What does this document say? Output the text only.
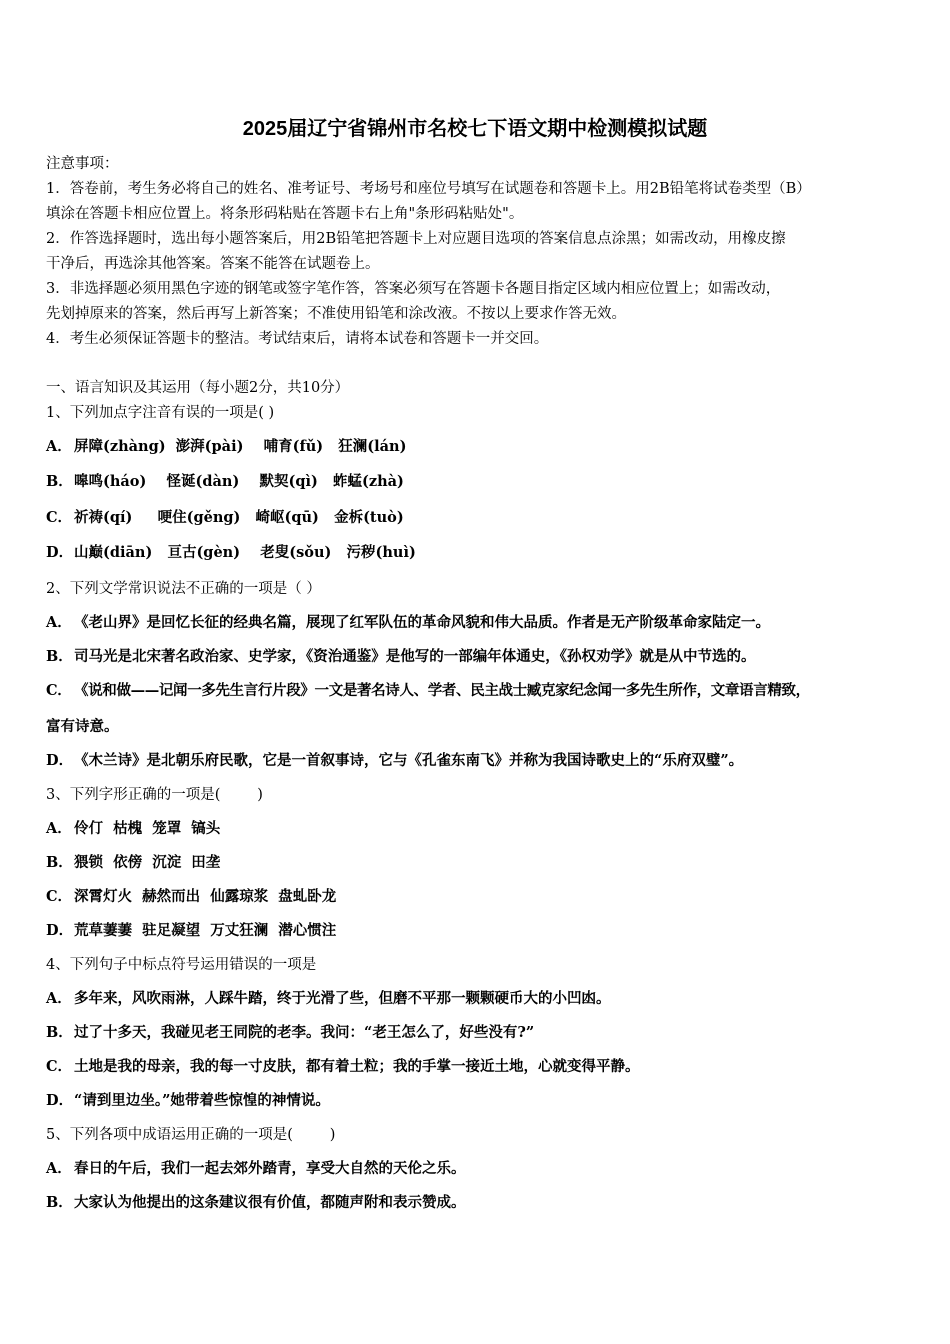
2025届辽宁省锦州市名校七下语文期中检测模拟试题
注意事项：
1．答卷前，考生务必将自己的姓名、准考证号、考场号和座位号填写在试题卷和答题卡上。用2B铅笔将试卷类型（B）
填涂在答题卡相应位置上。将条形码粘贴在答题卡右上角"条形码粘贴处"。
2．作答选择题时，选出每小题答案后，用2B铅笔把答题卡上对应题目选项的答案信息点涂黑；如需改动，用橡皮擦
干净后，再选涂其他答案。答案不能答在试题卷上。
3．非选择题必须用黑色字迹的钢笔或签字笔作答，答案必须写在答题卡各题目指定区域内相应位置上；如需改动，
先划掉原来的答案，然后再写上新答案；不准使用铅笔和涂改液。不按以上要求作答无效。
4．考生必须保证答题卡的整洁。考试结束后，请将本试卷和答题卡一并交回。
一、语言知识及其运用（每小题2分，共10分）
1、下列加点字注音有误的一项是( )
A． 屏障(zhàng)  澎湃(pài)    哺育(fǔ)   狂澜(lán)
B．嗥鸣(háo)    怪诞(dàn)    默契(qì)   蚱蜢(zhà)
C． 祈祷(qí)     哽住(gěng)   崎岖(qū)   金柝(tuò)
D．山巅(diān)   亘古(gèn)    老叟(sǒu)   污秽(huì)
2、下列文学常识说法不正确的一项是（ ）
A． 《老山界》是回忆长征的经典名篇，展现了红军队伍的革命风貌和伟大品质。作者是无产阶级革命家陆定一。
B．司马光是北宋著名政治家、史学家，《资治通鉴》是他写的一部编年体通史，《孙权劝学》就是从中节选的。
C． 《说和做——记闻一多先生言行片段》一文是著名诗人、学者、民主战士臧克家纪念闻一多先生所作，文章语言精致，
富有诗意。
D．《木兰诗》是北朝乐府民歌，它是一首叙事诗，它与《孔雀东南飞》并称为我国诗歌史上的“乐府双璧”。
3、下列字形正确的一项是(        )
A． 伶仃  枯槐  笼罩  镐头
B．猥锁  依傍  沉淀  田垄
C． 深霄灯火  赫然而出  仙露琼浆  盘虬卧龙
D．荒草萋萋  驻足凝望  万丈狂澜  潜心惯注
4、下列句子中标点符号运用错误的一项是
A． 多年来，风吹雨淋，人踩牛踏，终于光滑了些，但磨不平那一颗颗硬币大的小凹凼。
B．过了十多天，我碰见老王同院的老李。我问：“老王怎么了，好些没有?”
C． 土地是我的母亲，我的每一寸皮肤，都有着土粒；我的手掌一接近土地，心就变得平静。
D．“请到里边坐。”她带着些惊惶的神情说。
5、下列各项中成语运用正确的一项是(        )
A． 春日的午后，我们一起去郊外踏青，享受大自然的天伦之乐。
B．大家认为他提出的这条建议很有价值，都随声附和表示赞成。
